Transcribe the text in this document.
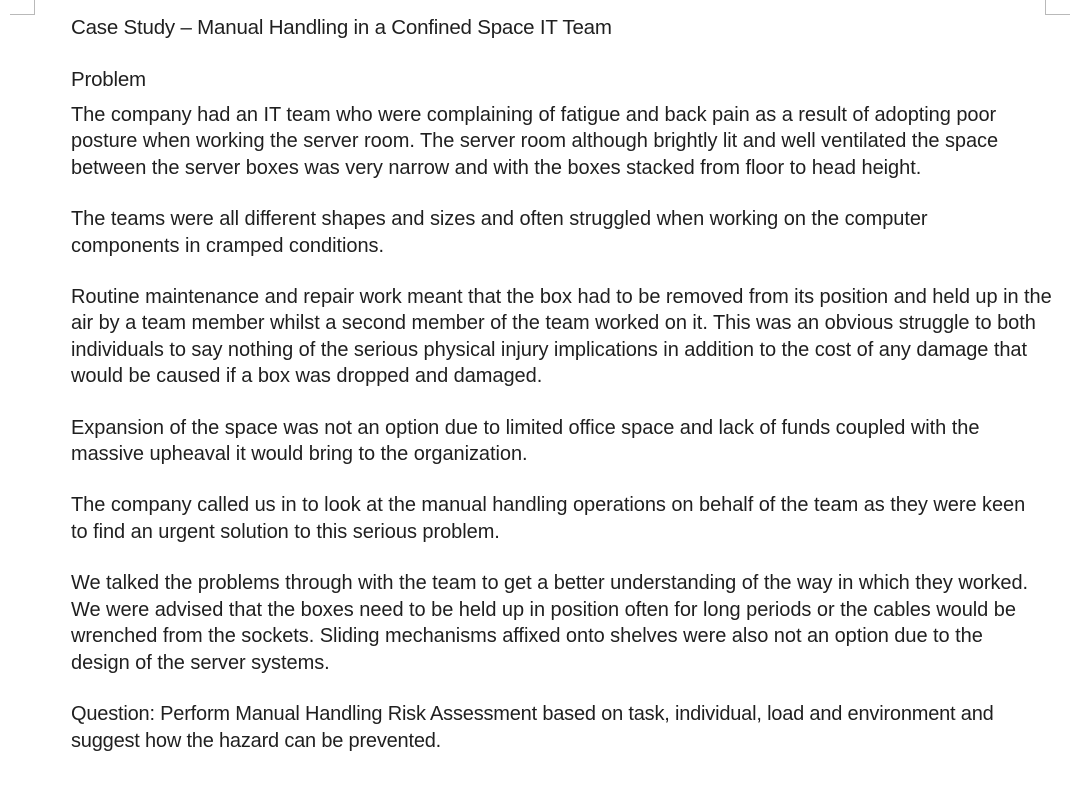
Case Study – Manual Handling in a Confined Space IT Team
Problem

The company had an IT team who were complaining of fatigue and back pain as a result of adopting poor posture when working the server room. The server room although brightly lit and well ventilated the space between the server boxes was very narrow and with the boxes stacked from floor to head height.

The teams were all different shapes and sizes and often struggled when working on the computer components in cramped conditions.

Routine maintenance and repair work meant that the box had to be removed from its position and held up in the air by a team member whilst a second member of the team worked on it. This was an obvious struggle to both individuals to say nothing of the serious physical injury implications in addition to the cost of any damage that would be caused if a box was dropped and damaged.

Expansion of the space was not an option due to limited office space and lack of funds coupled with the massive upheaval it would bring to the organization.

The company called us in to look at the manual handling operations on behalf of the team as they were keen to find an urgent solution to this serious problem.

We talked the problems through with the team to get a better understanding of the way in which they worked. We were advised that the boxes need to be held up in position often for long periods or the cables would be wrenched from the sockets. Sliding mechanisms affixed onto shelves were also not an option due to the design of the server systems.

Question: Perform Manual Handling Risk Assessment based on task, individual, load and environment and suggest how the hazard can be prevented.
